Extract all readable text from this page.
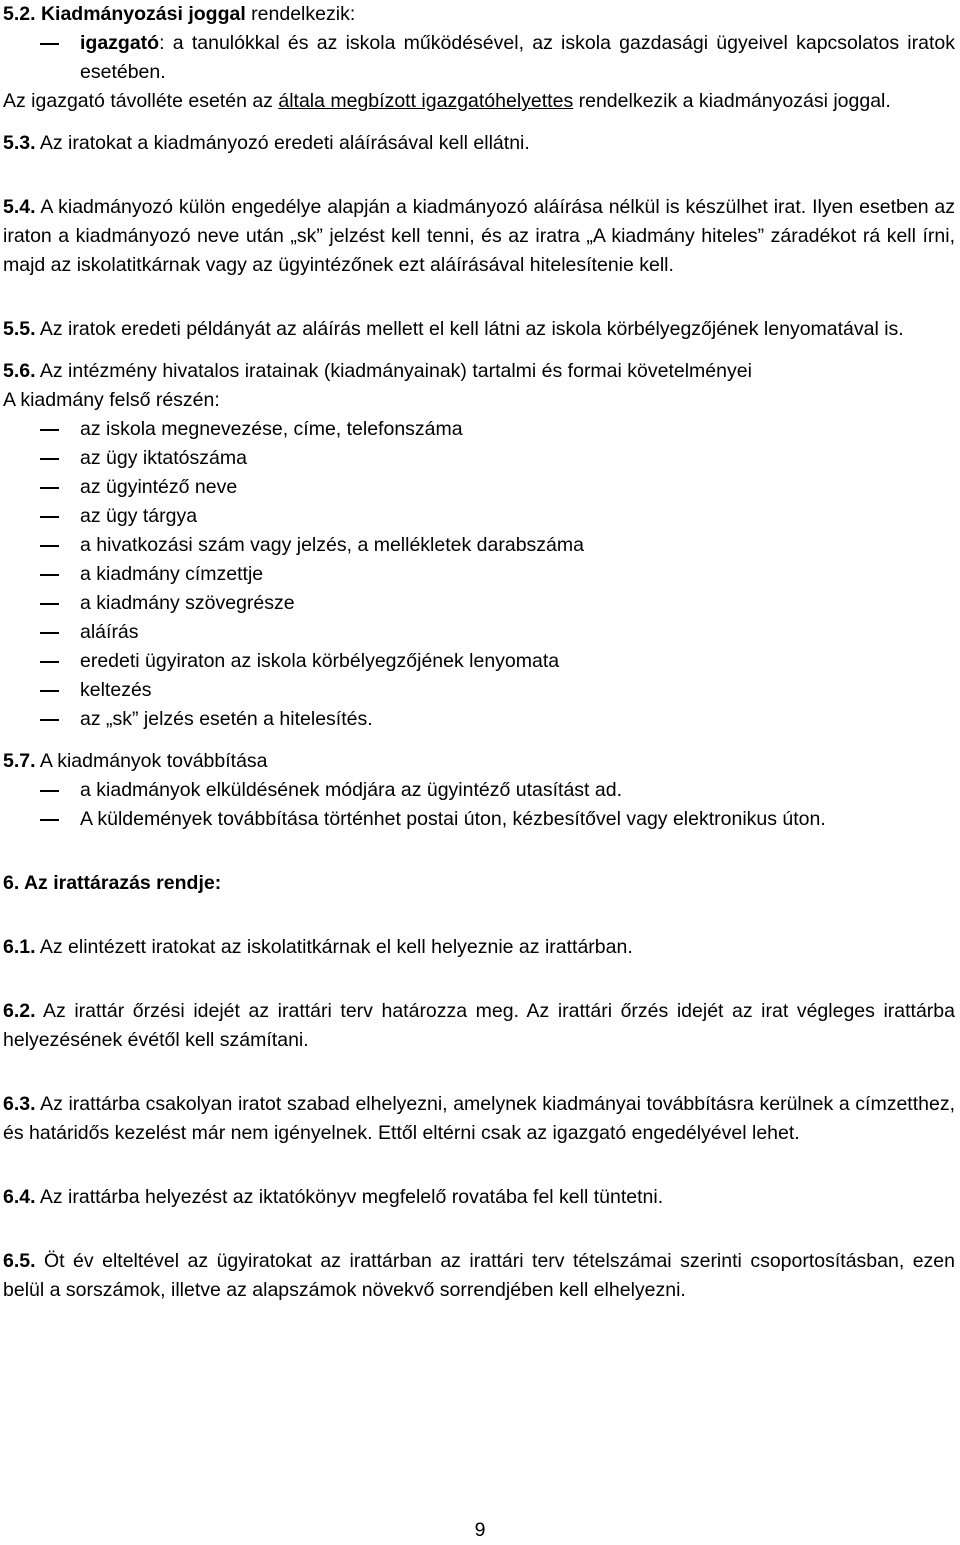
5.2. Kiadmányozási joggal rendelkezik:

igazgató: a tanulókkal és az iskola működésével, az iskola gazdasági ügyeivel kapcsolatos iratok esetében.

Az igazgató távolléte esetén az általa megbízott igazgatóhelyettes rendelkezik a kiadmányozási joggal.

5.3. Az iratokat a kiadmányozó eredeti aláírásával kell ellátni.

5.4. A kiadmányozó külön engedélye alapján a kiadmányozó aláírása nélkül is készülhet irat. Ilyen esetben az iraton a kiadmányozó neve után „sk” jelzést kell tenni, és az iratra „A kiadmány hiteles” záradékot rá kell írni, majd az iskolatitkárnak vagy az ügyintézőnek ezt aláírásával hitelesítenie kell.

5.5. Az iratok eredeti példányát az aláírás mellett el kell látni az iskola körbélyegzőjének lenyomatával is.

5.6. Az intézmény hivatalos iratainak (kiadmányainak) tartalmi és formai követelményei

A kiadmány felső részén:

az iskola megnevezése, címe, telefonszáma

az ügy iktatószáma

az ügyintéző neve

az ügy tárgya

a hivatkozási szám vagy jelzés, a mellékletek darabszáma

a kiadmány címzettje

a kiadmány szövegrésze

aláírás

eredeti ügyiraton az iskola körbélyegzőjének lenyomata

keltezés

az „sk” jelzés esetén a hitelesítés.

5.7. A kiadmányok továbbítása

a kiadmányok elküldésének módjára az ügyintéző utasítást ad.

A küldemények továbbítása történhet postai úton, kézbesítővel vagy elektronikus úton.

6. Az irattárazás rendje:

6.1. Az elintézett iratokat az iskolatitkárnak el kell helyeznie az irattárban.

6.2. Az irattár őrzési idejét az irattári terv határozza meg. Az irattári őrzés idejét az irat végleges irattárba helyezésének évétől kell számítani.

6.3. Az irattárba csakolyan iratot szabad elhelyezni, amelynek kiadmányai továbbításra kerülnek a címzetthez, és határidős kezelést már nem igényelnek. Ettől eltérni csak az igazgató engedélyével lehet.

6.4. Az irattárba helyezést az iktatókönyv megfelelő rovatába fel kell tüntetni.

6.5. Öt év elteltével az ügyiratokat az irattárban az irattári terv tételszámai szerinti csoportosításban, ezen belül a sorszámok, illetve az alapszámok növekvő sorrendjében kell elhelyezni.

9
